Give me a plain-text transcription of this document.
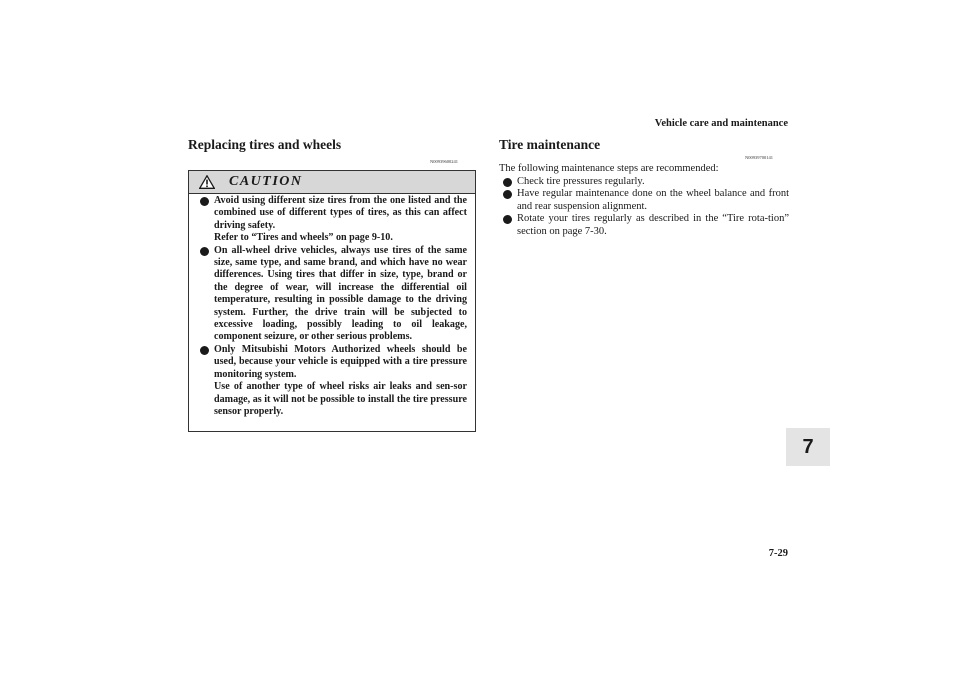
Vehicle care and maintenance
Replacing tires and wheels
N00939600241
CAUTION

Avoid using different size tires from the one listed and the combined use of different types of tires, as this can affect driving safety.

Refer to “Tires and wheels” on page 9-10.

On all-wheel drive vehicles, always use tires of the same size, same type, and same brand, and which have no wear differences. Using tires that differ in size, type, brand or the degree of wear, will increase the differential oil temperature, resulting in possible damage to the driving system. Further, the drive train will be subjected to excessive loading, possibly leading to oil leakage, component seizure, or other serious problems.

Only Mitsubishi Motors Authorized wheels should be used, because your vehicle is equipped with a tire pressure monitoring system.

Use of another type of wheel risks air leaks and sen-sor damage, as it will not be possible to install the tire pressure sensor properly.

Tire maintenance
N00939700141

The following maintenance steps are recommended:

Check tire pressures regularly.
Have regular maintenance done on the wheel balance and front and rear suspension alignment.
Rotate your tires regularly as described in the “Tire rota-tion” section on page 7-30.
7
7-29
